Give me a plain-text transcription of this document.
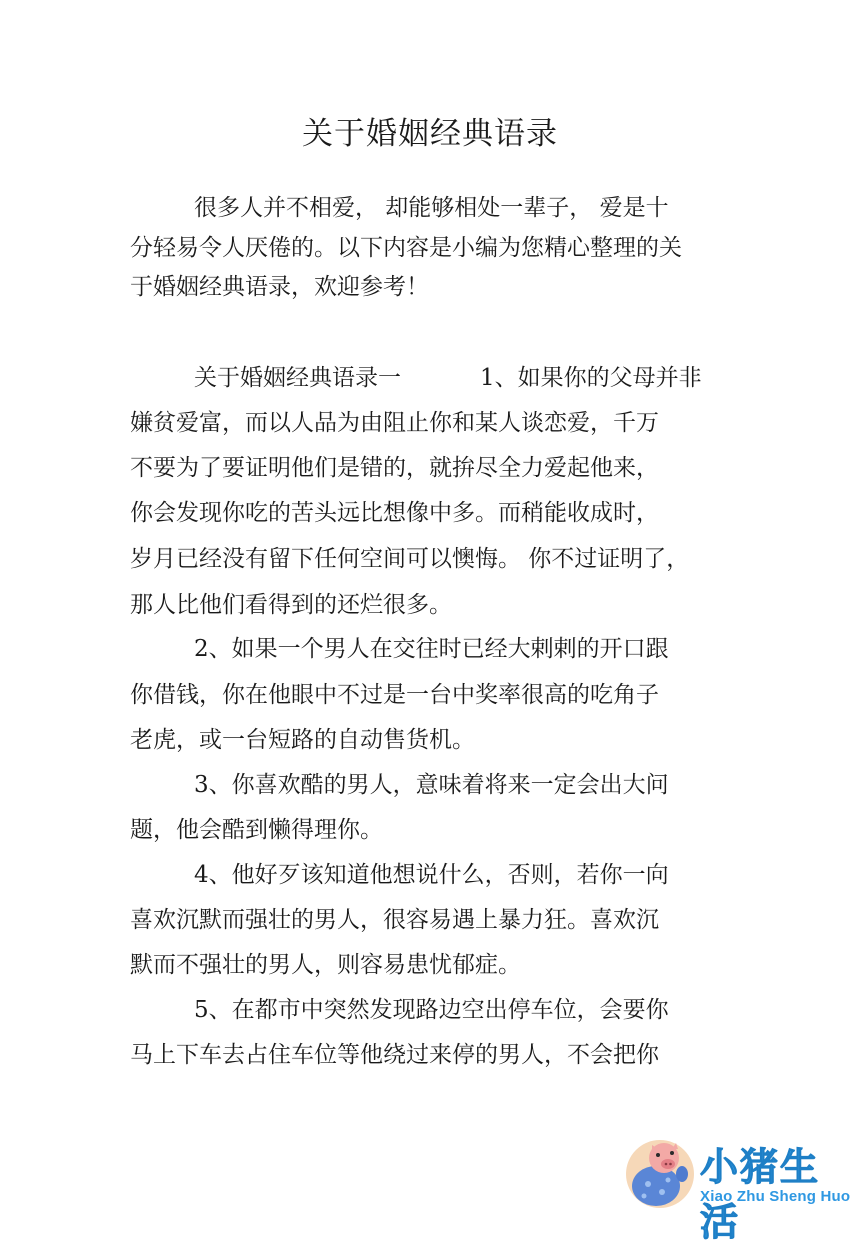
关于婚姻经典语录
很多人并不相爱， 却能够相处一辈子， 爱是十
分轻易令人厌倦的。以下内容是小编为您精心整理的关
于婚姻经典语录，欢迎参考！
关于婚姻经典语录一	1、如果你的父母并非
嫌贫爱富，而以人品为由阻止你和某人谈恋爱，千万
不要为了要证明他们是错的，就拚尽全力爱起他来，
你会发现你吃的苦头远比想像中多。而稍能收成时，
岁月已经没有留下任何空间可以懊悔。 你不过证明了，
那人比他们看得到的还烂很多。
2、如果一个男人在交往时已经大剌剌的开口跟
你借钱，你在他眼中不过是一台中奖率很高的吃角子
老虎，或一台短路的自动售货机。
3、你喜欢酷的男人，意味着将来一定会出大问
题，他会酷到懒得理你。
4、他好歹该知道他想说什么，否则，若你一向
喜欢沉默而强壮的男人，很容易遇上暴力狂。喜欢沉
默而不强壮的男人，则容易患忧郁症。
5、在都市中突然发现路边空出停车位，会要你
马上下车去占住车位等他绕过来停的男人，不会把你
小猪生活
Xiao Zhu Sheng Huo
